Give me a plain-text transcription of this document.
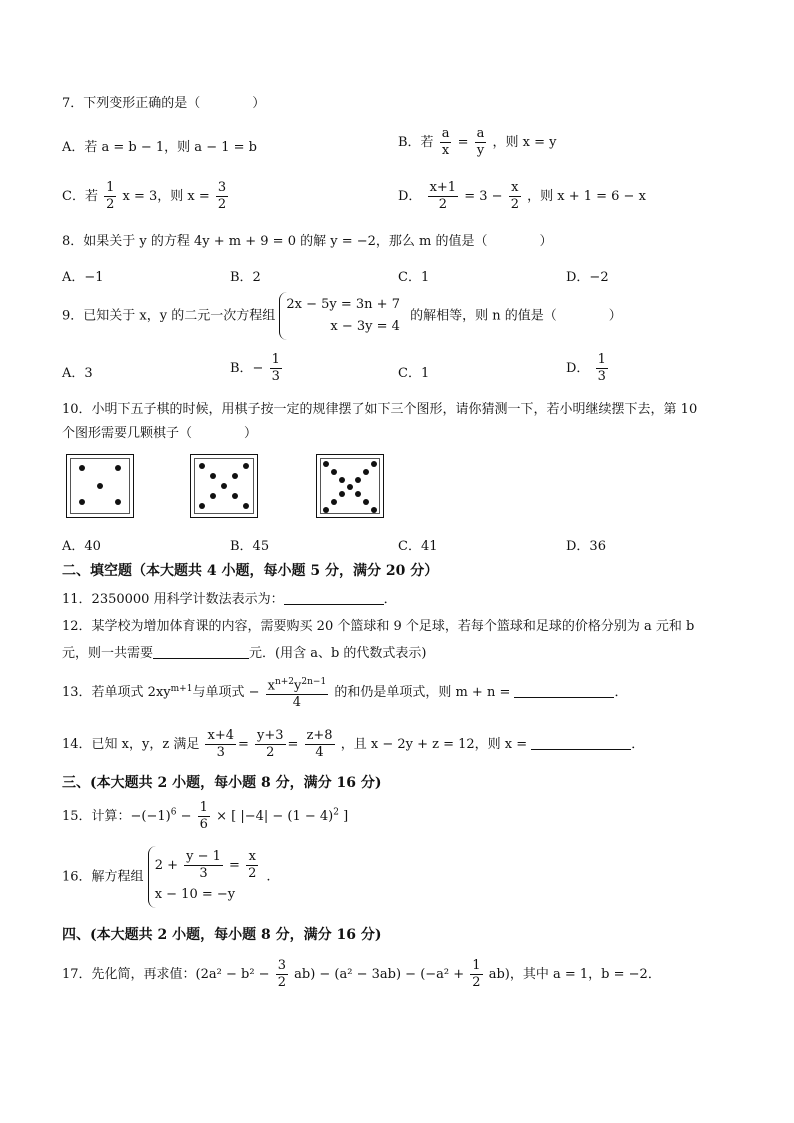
7．下列变形正确的是（　　　　）
A．若 a = b − 1，则 a − 1 = b	B．若 $\frac{a}{x} = \frac{a}{y}$ ，则 x = y
C．若 $\frac{1}{2}$ x = 3，则 $x = \frac{3}{2}$	D． $\frac{x+1}{2} = 3 - \frac{x}{2}$ ，则 x + 1 = 6 − x
8．如果关于 y 的方程 4y + m + 9 = 0 的解 y = −2，那么 m 的值是（　　　　）
A．−1	B．2	C．1	D．−2
9．已知关于 x，y 的二元一次方程组
2x − 5y = 3n + 7
x − 3y = 4
的解相等，则 n 的值是（　　　　）
A．3	B．− $\frac{1}{3}$	C．1	D． $\frac{1}{3}$
10．小明下五子棋的时候，用棋子按一定的规律摆了如下三个图形，请你猜测一下，若小明继续摆下去，第 10
个图形需要几颗棋子（　　　　）
A．40	B．45	C．41	D．36
二、填空题（本大题共 4 小题，每小题 5 分，满分 20 分）
11．2350000 用科学计数法表示为：	．
12．某学校为增加体育课的内容，需要购买 20 个篮球和 9 个足球，若每个篮球和足球的价格分别为 a 元和 b
元，则一共需要	元．(用含 a、b 的代数式表示)
13．若单项式 $2xy^{m+1}$与单项式 − $\frac{x^{n+2}y^{2n-1}}{4}$ 的和仍是单项式，则 m + n =	．
14．已知 x，y，z 满足 $\frac{x+4}{3} = \frac{y+3}{2} = \frac{z+8}{4}$ ，且 x − 2y + z = 12，则 x =	．
三、(本大题共 2 小题，每小题 8 分，满分 16 分)
15．计算：$-(-1)^6 - \frac{1}{6}$ × [ $|-4| - (1 - 4)^2$ ]
16．解方程组
$2 + \frac{y - 1}{3} = \frac{x}{2}$
x − 10 = −y
.
四、(本大题共 2 小题，每小题 8 分，满分 16 分)
17．先化简，再求值：$(2a^2 - b^2 - \frac{3}{2} ab) - (a^2 - 3ab) - (-a^2 + \frac{1}{2} ab)$，其中 a = 1，b = −2．
